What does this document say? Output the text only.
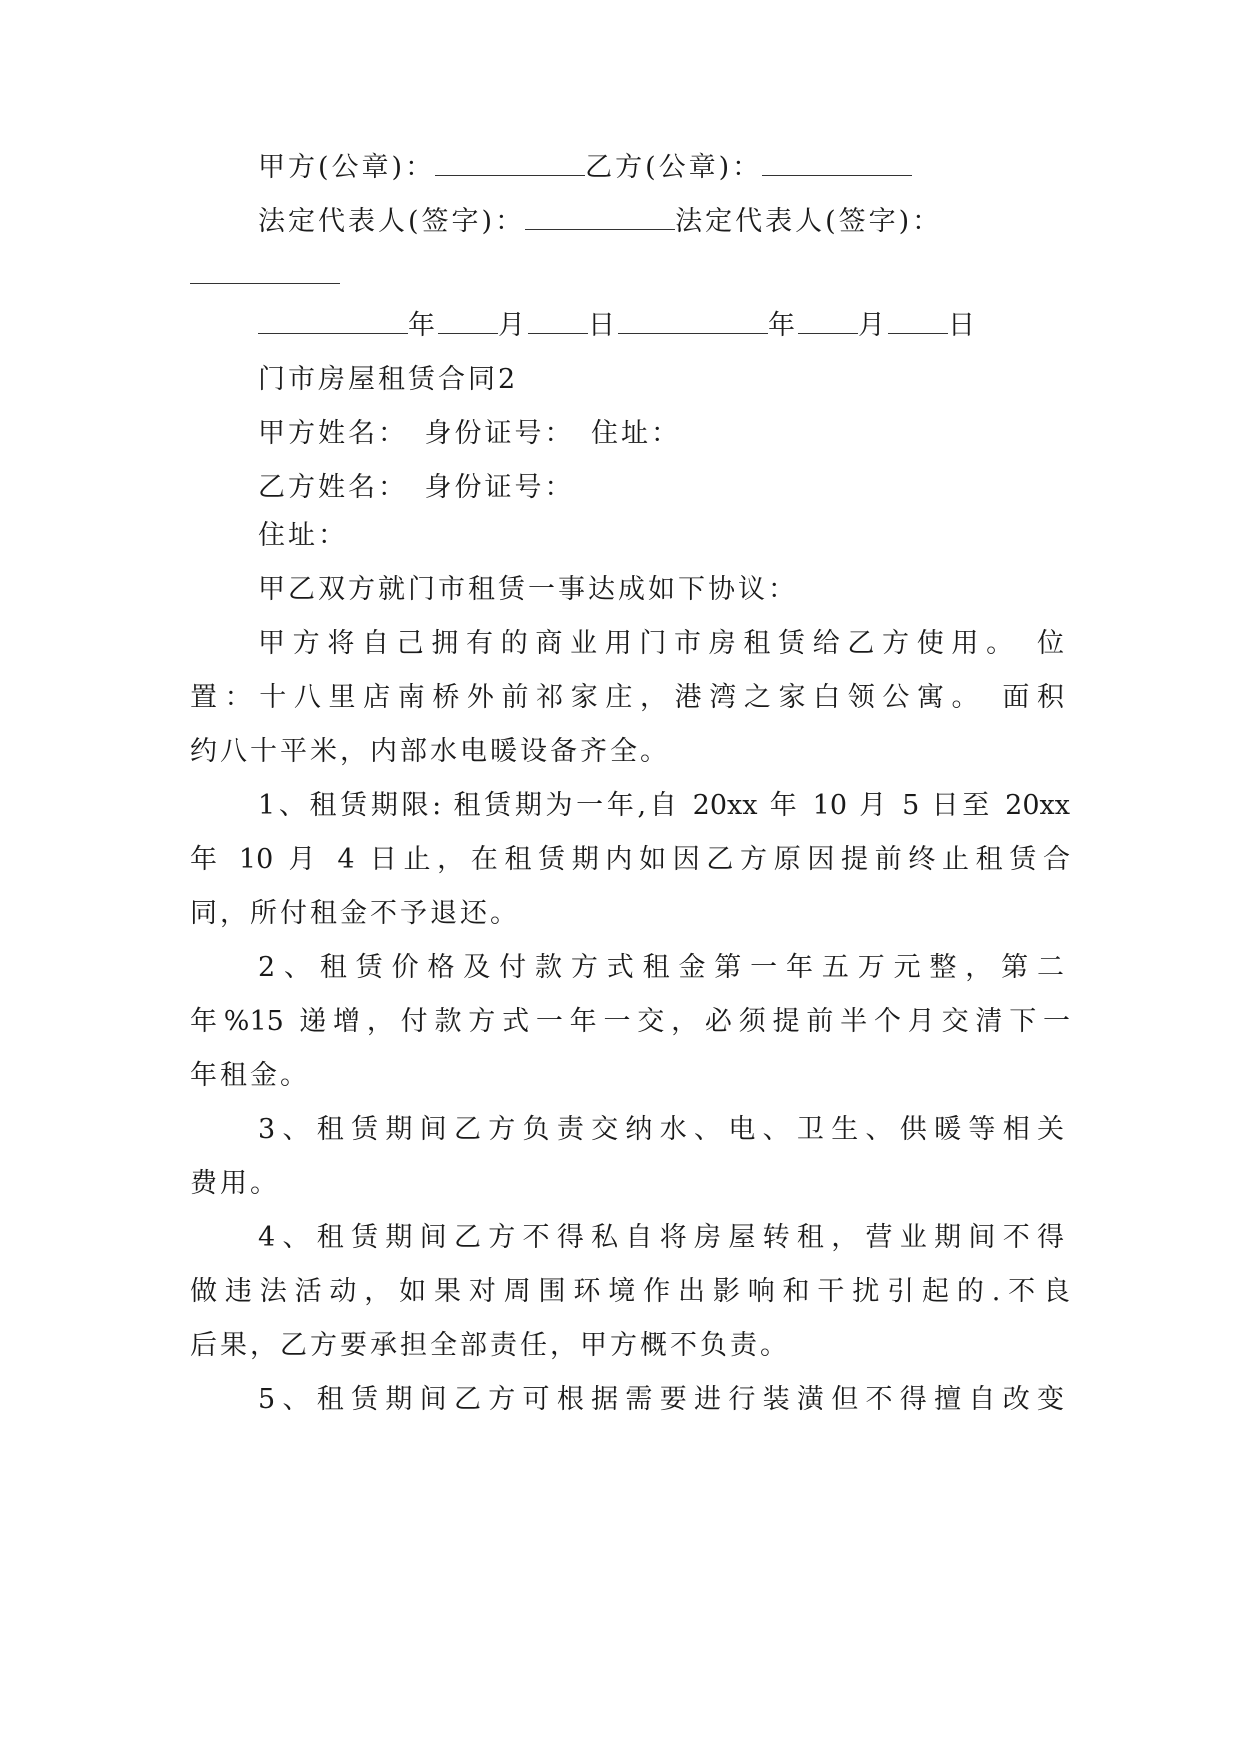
甲方(公章)：	乙方(公章)：
法定代表人(签字)：	法定代表人(签字)：
年 月 日	年 月 日
门市房屋租赁合同2
甲方姓名：　身份证号：　住址：
乙方姓名：　身份证号：
住址：
甲乙双方就门市租赁一事达成如下协议：
甲方将自己拥有的商业用门市房租赁给乙方使用。 位
置：十八里店南桥外前祁家庄，港湾之家白领公寓。 面积
约八十平米，内部水电暖设备齐全。
1、租赁期限: 租赁期为一年,自 20xx 年 10 月 5 日至 20xx
年 10 月 4 日止，在租赁期内如因乙方原因提前终止租赁合
同，所付租金不予退还。
2、租赁价格及付款方式租金第一年五万元整，第二
年%15 递增，付款方式一年一交，必须提前半个月交清下一
年租金。
3、租赁期间乙方负责交纳水、电、卫生、供暖等相关
费用。
4、租赁期间乙方不得私自将房屋转租，营业期间不得
做违法活动，如果对周围环境作出影响和干扰引起的.不良
后果，乙方要承担全部责任，甲方概不负责。
5、租赁期间乙方可根据需要进行装潢但不得擅自改变
